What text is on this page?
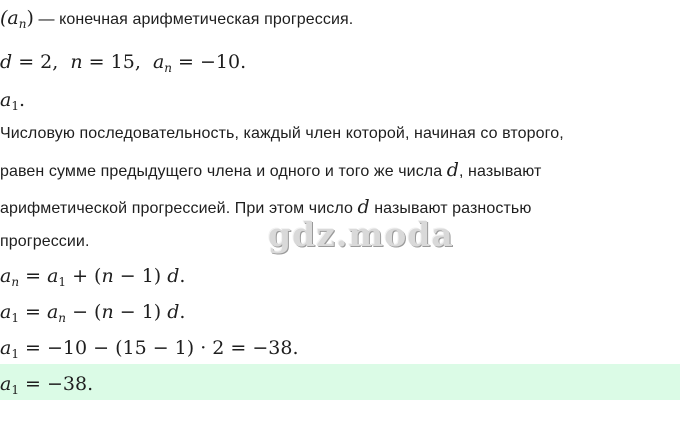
$(a_n)$ — конечная арифметическая прогрессия.
d = 2,  n = 15,  $a_n = -10$.
$a_1$.
Числовую последовательность, каждый член которой, начиная со второго,
равен сумме предыдущего члена и одного и того же числа d, называют
арифметической прогрессией. При этом число d называют разностью
прогрессии.	gdz.moda
$a_n = a_1 + (n - 1)$ d.
$a_1 = a_n - (n - 1)$ d.
$a_1 = -10 - (15 - 1) \cdot 2 = -38$.
$a_1 = -38$.
